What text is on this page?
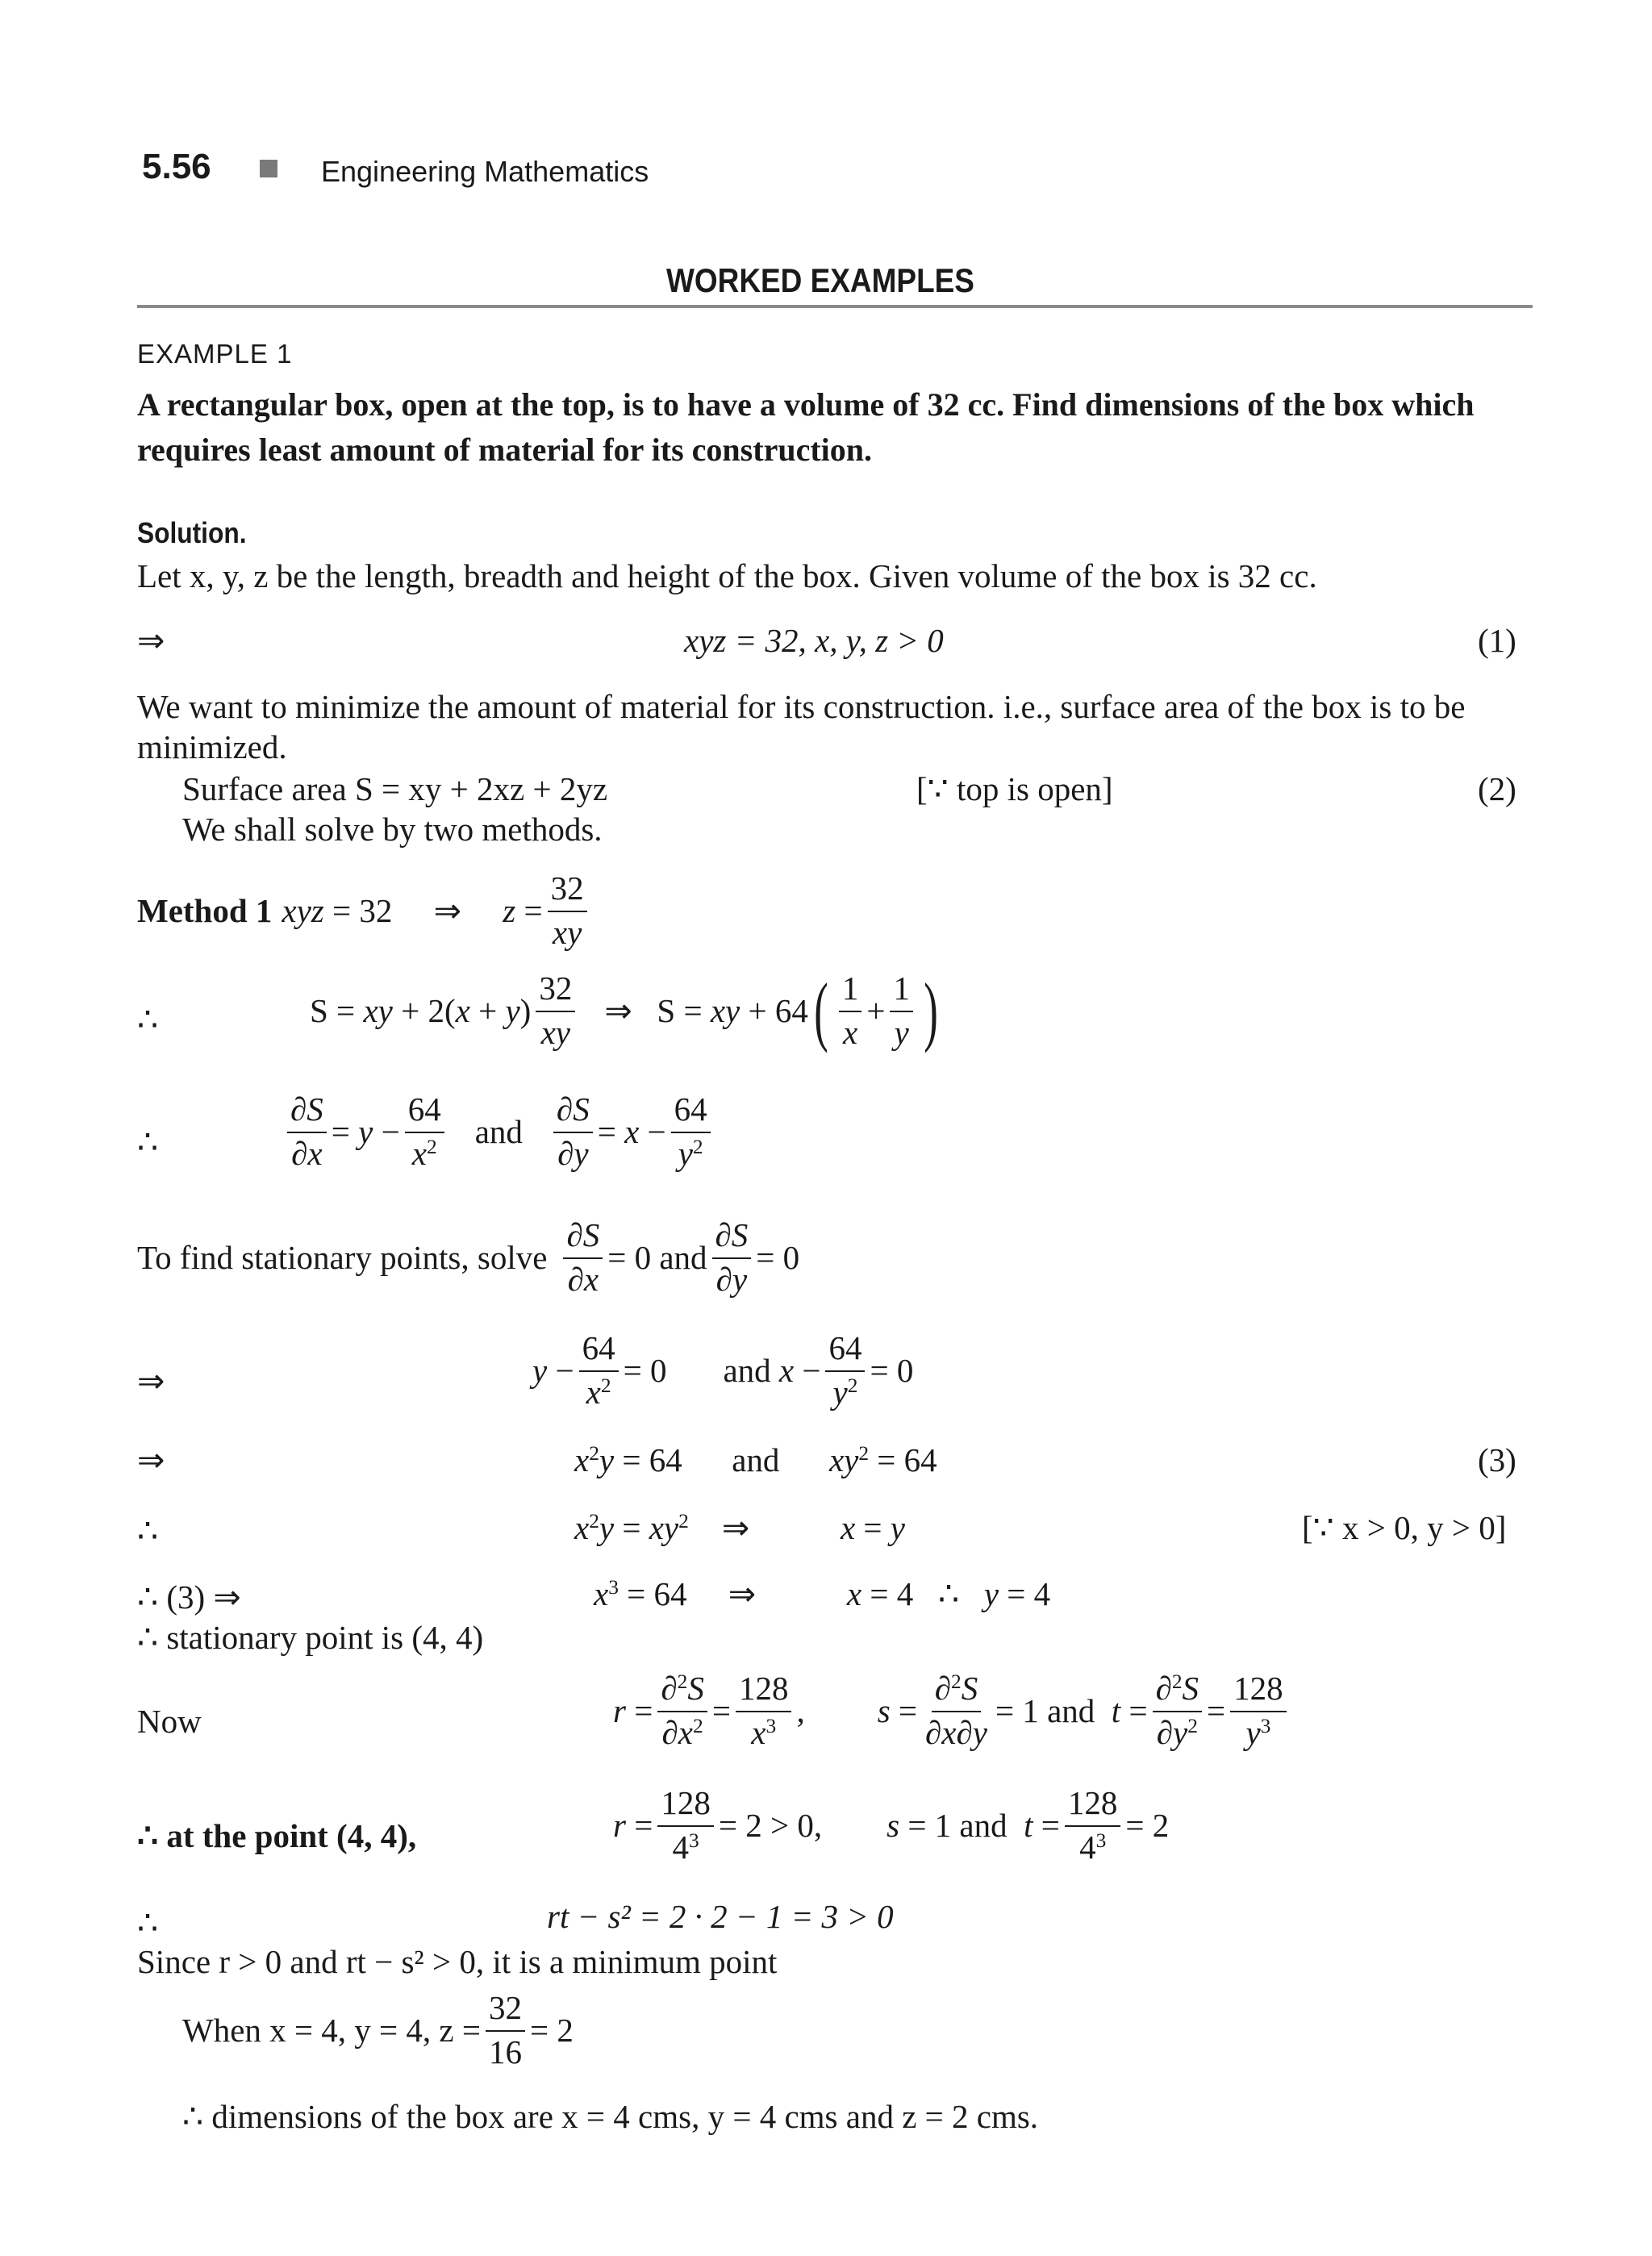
5.56	Engineering Mathematics
WORKED EXAMPLES
EXAMPLE 1
A rectangular box, open at the top, is to have a volume of 32 cc. Find dimensions of the box which
requires least amount of material for its construction.
Solution.
Let x, y, z be the length, breadth and height of the box. Given volume of the box is 32 cc.
⇒	xyz = 32, x, y, z > 0	(1)
We want to minimize the amount of material for its construction. i.e., surface area of the box is to be
minimized.
Surface area S = xy + 2xz + 2yz	[∵ top is open]	(2)
We shall solve by two methods.
Method 1 xyz = 32     ⇒     $z = \frac{32}{xy}$
∴	S = xy + $2(x + y) \frac{32}{xy}$ ⇒   S = xy + 64 ( $\frac{1}{x} + \frac{1}{y}$ )
∴	$\frac{\partial S}{\partial x} = y - \frac{64}{x^2}$ and $\frac{\partial S}{\partial y} = x - \frac{64}{y^2}$
To find stationary points, solve $\frac{\partial S}{\partial x} = 0$ and $\frac{\partial S}{\partial y} = 0$
⇒	$y - \frac{64}{x^2} = 0$ and $x - \frac{64}{y^2} = 0$
⇒	$x^2y = 64$      and      $xy^2 = 64$	(3)
∴	$x^2y = xy^2$    ⇒           x = y	[∵ x > 0, y > 0]
∴ (3) ⇒	$x^3 = 64$     ⇒           x = 4   ∴   y = 4
∴ stationary point is (4, 4)
Now	$r = \frac{\partial^2S}{\partial x^2} = \frac{128}{x^3}$ , $s = \frac{\partial^2S}{\partial x\partial y} = 1$ and  $t = \frac{\partial^2S}{\partial y^2} = \frac{128}{y^3}$
∴ at the point (4, 4),	$r = \frac{128}{4^3} = 2 > 0$, s = 1 and  $t = \frac{128}{4^3} = 2$
∴	rt − s² = 2 · 2 − 1 = 3 > 0
Since r > 0 and rt − s² > 0, it is a minimum point
When x = 4, y = 4, $z = \frac{32}{16} = 2$
∴ dimensions of the box are x = 4 cms, y = 4 cms and z = 2 cms.
